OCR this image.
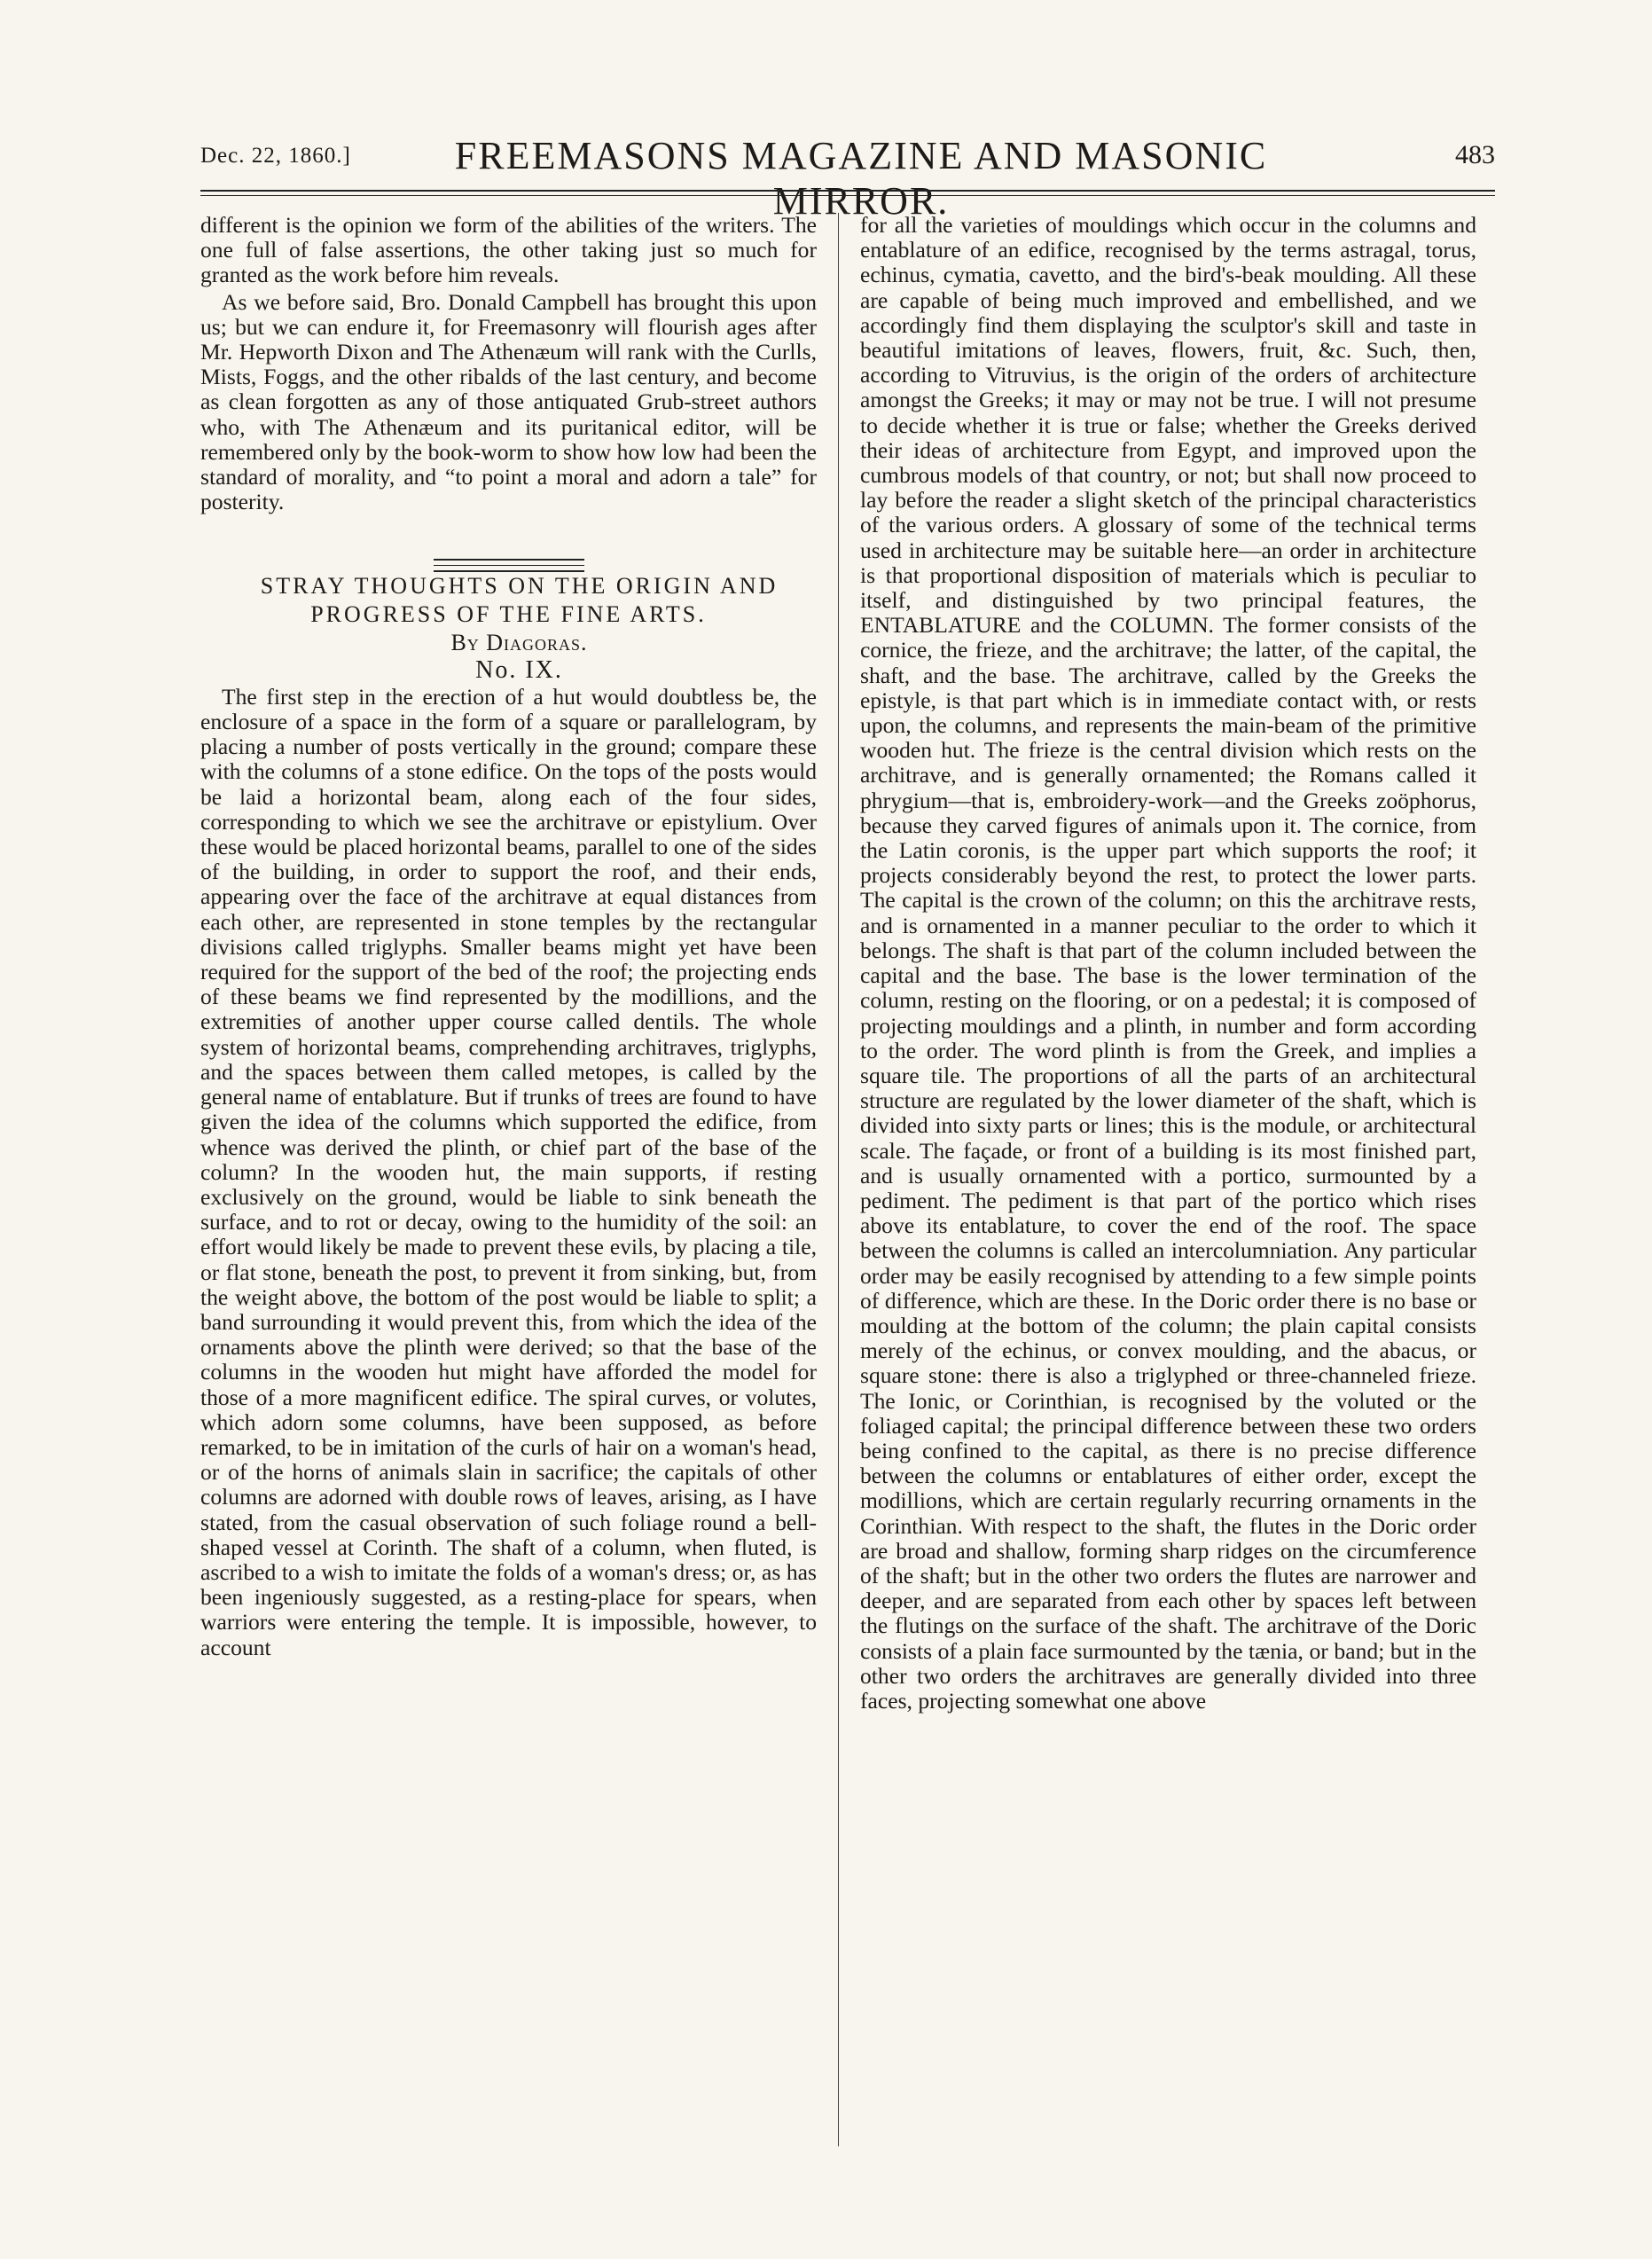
Dec. 22, 1860.]	FREEMASONS MAGAZINE AND MASONIC MIRROR.
483

different is the opinion we form of the abilities of the writers. The one full of false assertions, the other taking just so much for granted as the work before him reveals.

As we before said, Bro. Donald Campbell has brought this upon us; but we can endure it, for Freemasonry will flourish ages after Mr. Hepworth Dixon and The Athenæum will rank with the Curlls, Mists, Foggs, and the other ribalds of the last century, and become as clean forgotten as any of those antiquated Grub-street authors who, with The Athenæum and its puritanical editor, will be remembered only by the book-worm to show how low had been the standard of morality, and “to point a moral and adorn a tale” for posterity.

STRAY THOUGHTS ON THE ORIGIN AND PROGRESS OF THE FINE ARTS.

By Diagoras.

No. IX.

The first step in the erection of a hut would doubtless be, the enclosure of a space in the form of a square or parallelogram, by placing a number of posts vertically in the ground; compare these with the columns of a stone edifice. On the tops of the posts would be laid a horizontal beam, along each of the four sides, corresponding to which we see the architrave or epistylium. Over these would be placed horizontal beams, parallel to one of the sides of the building, in order to support the roof, and their ends, appearing over the face of the architrave at equal distances from each other, are represented in stone temples by the rectangular divisions called triglyphs. Smaller beams might yet have been required for the support of the bed of the roof; the projecting ends of these beams we find represented by the modillions, and the extremities of another upper course called dentils. The whole system of horizontal beams, comprehending architraves, triglyphs, and the spaces between them called metopes, is called by the general name of entablature. But if trunks of trees are found to have given the idea of the columns which supported the edifice, from whence was derived the plinth, or chief part of the base of the column? In the wooden hut, the main supports, if resting exclusively on the ground, would be liable to sink beneath the surface, and to rot or decay, owing to the humidity of the soil: an effort would likely be made to prevent these evils, by placing a tile, or flat stone, beneath the post, to prevent it from sinking, but, from the weight above, the bottom of the post would be liable to split; a band surrounding it would prevent this, from which the idea of the ornaments above the plinth were derived; so that the base of the columns in the wooden hut might have afforded the model for those of a more magnificent edifice. The spiral curves, or volutes, which adorn some columns, have been supposed, as before remarked, to be in imitation of the curls of hair on a woman's head, or of the horns of animals slain in sacrifice; the capitals of other columns are adorned with double rows of leaves, arising, as I have stated, from the casual observation of such foliage round a bell-shaped vessel at Corinth. The shaft of a column, when fluted, is ascribed to a wish to imitate the folds of a woman's dress; or, as has been ingeniously suggested, as a resting-place for spears, when warriors were entering the temple. It is impossible, however, to account

for all the varieties of mouldings which occur in the columns and entablature of an edifice, recognised by the terms astragal, torus, echinus, cymatia, cavetto, and the bird's-beak moulding. All these are capable of being much improved and embellished, and we accordingly find them displaying the sculptor's skill and taste in beautiful imitations of leaves, flowers, fruit, &c. Such, then, according to Vitruvius, is the origin of the orders of architecture amongst the Greeks; it may or may not be true. I will not presume to decide whether it is true or false; whether the Greeks derived their ideas of architecture from Egypt, and improved upon the cumbrous models of that country, or not; but shall now proceed to lay before the reader a slight sketch of the principal characteristics of the various orders. A glossary of some of the technical terms used in architecture may be suitable here—an order in architecture is that proportional disposition of materials which is peculiar to itself, and distinguished by two principal features, the ENTABLATURE and the COLUMN. The former consists of the cornice, the frieze, and the architrave; the latter, of the capital, the shaft, and the base. The architrave, called by the Greeks the epistyle, is that part which is in immediate contact with, or rests upon, the columns, and represents the main-beam of the primitive wooden hut. The frieze is the central division which rests on the architrave, and is generally ornamented; the Romans called it phrygium—that is, embroidery-work—and the Greeks zoöphorus, because they carved figures of animals upon it. The cornice, from the Latin coronis, is the upper part which supports the roof; it projects considerably beyond the rest, to protect the lower parts. The capital is the crown of the column; on this the architrave rests, and is ornamented in a manner peculiar to the order to which it belongs. The shaft is that part of the column included between the capital and the base. The base is the lower termination of the column, resting on the flooring, or on a pedestal; it is composed of projecting mouldings and a plinth, in number and form according to the order. The word plinth is from the Greek, and implies a square tile. The proportions of all the parts of an architectural structure are regulated by the lower diameter of the shaft, which is divided into sixty parts or lines; this is the module, or architectural scale. The façade, or front of a building is its most finished part, and is usually ornamented with a portico, surmounted by a pediment. The pediment is that part of the portico which rises above its entablature, to cover the end of the roof. The space between the columns is called an intercolumniation. Any particular order may be easily recognised by attending to a few simple points of difference, which are these. In the Doric order there is no base or moulding at the bottom of the column; the plain capital consists merely of the echinus, or convex moulding, and the abacus, or square stone: there is also a triglyphed or three-channeled frieze. The Ionic, or Corinthian, is recognised by the voluted or the foliaged capital; the principal difference between these two orders being confined to the capital, as there is no precise difference between the columns or entablatures of either order, except the modillions, which are certain regularly recurring ornaments in the Corinthian. With respect to the shaft, the flutes in the Doric order are broad and shallow, forming sharp ridges on the circumference of the shaft; but in the other two orders the flutes are narrower and deeper, and are separated from each other by spaces left between the flutings on the surface of the shaft. The architrave of the Doric consists of a plain face surmounted by the tænia, or band; but in the other two orders the architraves are generally divided into three faces, projecting somewhat one above
